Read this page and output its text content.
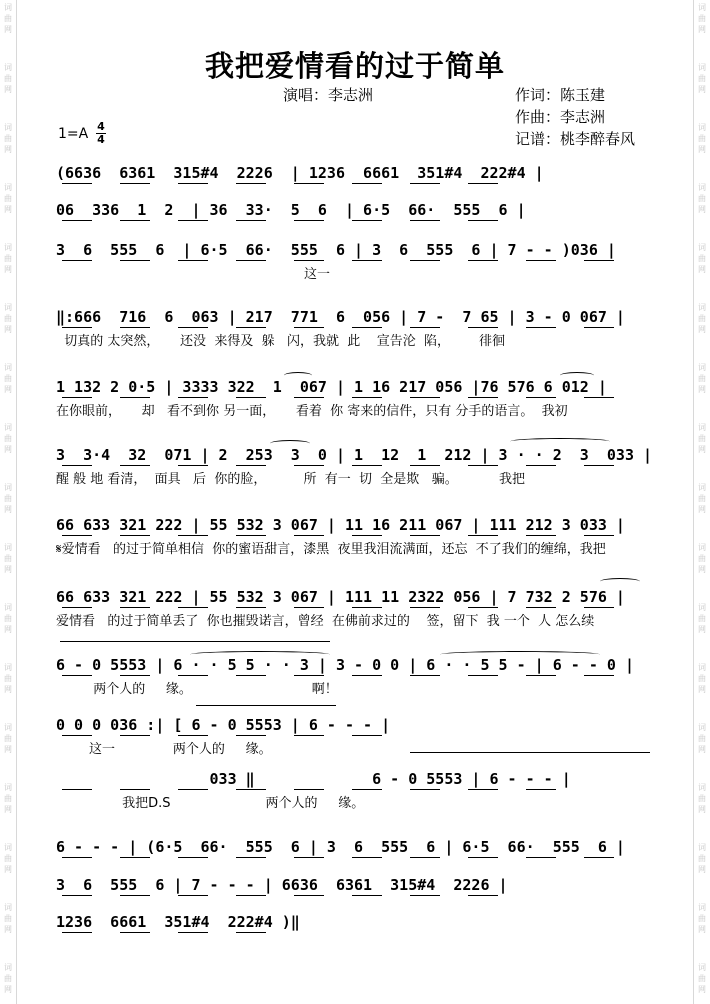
词
曲
网
词
曲
网
词
曲
网
词
曲
网
词
曲
网
词
曲
网
词
曲
网
词
曲
网
词
曲
网
词
曲
网
词
曲
网
词
曲
网
词
曲
网
词
曲
网
词
曲
网
词
曲
网
词
曲
网
词
曲
网
词
曲
网
词
曲
网
词
曲
网
词
曲
网
词
曲
网
词
曲
网
词
曲
网
词
曲
网
词
曲
网
词
曲
网
词
曲
网
词
曲
网
词
曲
网
词
曲
网
词
曲
网
词
曲
网
我把爱情看的过于简单
演唱：李志洲	作词：陈玉建
作曲：李志洲
记谱：桃李醉春风
1=A 4
4
(6636  6361  315#4  2226  | 1236  6661  351#4  222#4 |
06  336  1  2  | 36  33·  5  6  | 6·5  66·  555  6 |
3  6  555  6  | 6·5  66·  555  6 | 3  6  555  6 | 7 - - )036 |
这一
‖:666  716  6  063 | 217  771  6  056 | 7 -  7 65 | 3 - 0 067 |
切真的 太突然，     还没  来得及  躲   闪，我就  此    宣告沦  陷，       徘徊
1 132 2 0·5 | 3333 322  1  067 | 1 16 217 056 |76 576 6 012 |
在你眼前，     却   看不到你 另一面，     看着  你 寄来的信件，只有 分手的语言。  我初
3  3·4  32  071 | 2  253  3  0 | 1  12  1  212 | 3 · · 2  3  033 |
醒 般 地 看清，  面具   后  你的脸，         所  有一  切  全是欺   骗。          我把
66 633 321 222 | 55 532 3 067 | 11 16 211 067 | 111 212 3 033 |
𝄋爱情看   的过于简单相信  你的蜜语甜言，漆黑  夜里我泪流满面，还忘  不了我们的缠绵，我把
66 633 321 222 | 55 532 3 067 | 111 11 2322 056 | 7 732 2 576 |
爱情看   的过于简单丢了  你也摧毁诺言，曾经  在佛前求过的    签，留下  我 一个  人 怎么续
6 - 0 5553 | 6 · · 5 5 · · 3 | 3 - 0 0 | 6 · · 5 5 - | 6 - - 0 |
两个人的     缘。                             啊！
0 0 0 036 :| [ 6 - 0 5553 | 6 - - - |
这一              两个人的     缘。
033 ‖             6 - 0 5553 | 6 - - - |
我把D.S                       两个人的     缘。
6 - - - | (6·5  66·  555  6 | 3  6  555  6 | 6·5  66·  555  6 |
3  6  555  6 | 7 - - - | 6636  6361  315#4  2226 |
1236  6661  351#4  222#4 )‖
